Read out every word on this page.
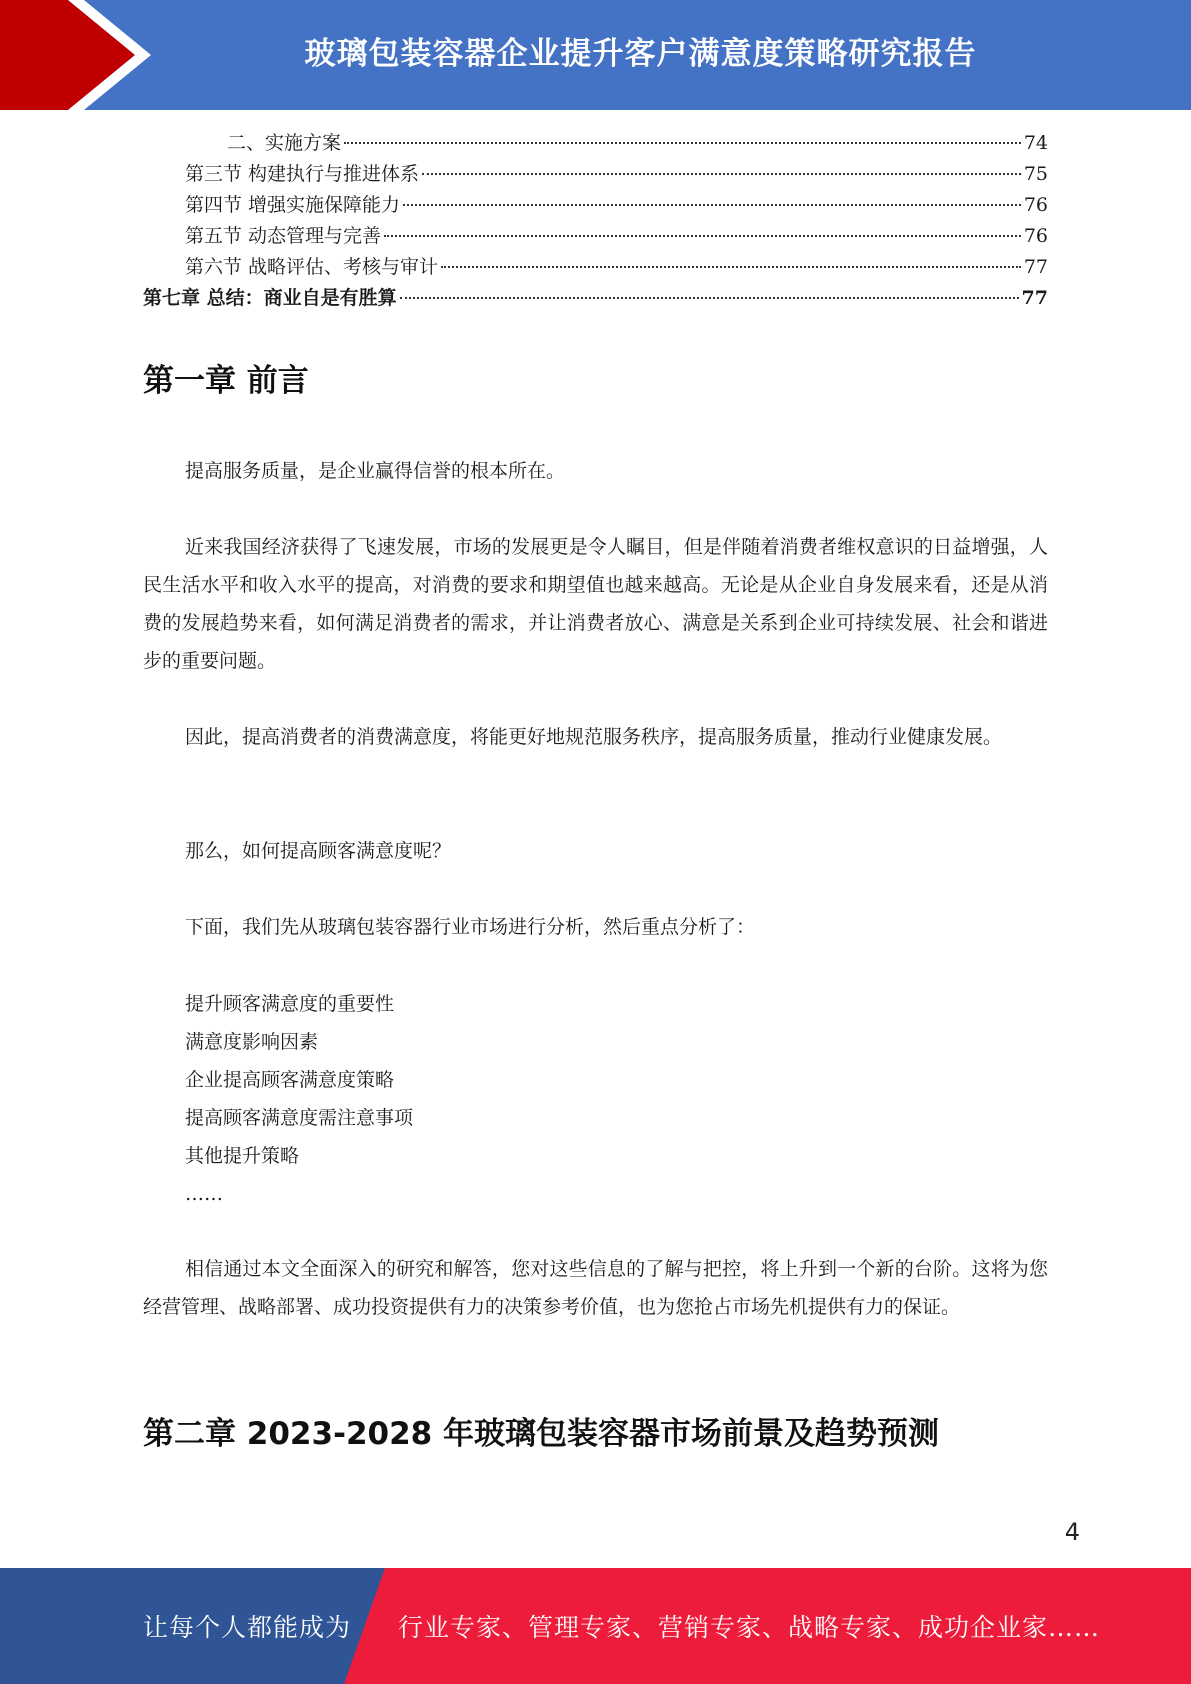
玻璃包装容器企业提升客户满意度策略研究报告
二、实施方案	74
第三节 构建执行与推进体系	75
第四节 增强实施保障能力	76
第五节 动态管理与完善	76
第六节 战略评估、考核与审计	77
第七章 总结：商业自是有胜算	77
第一章 前言

提高服务质量，是企业赢得信誉的根本所在。

近来我国经济获得了飞速发展，市场的发展更是令人瞩目，但是伴随着消费者维权意识的日益增强，人民生活水平和收入水平的提高，对消费的要求和期望值也越来越高。无论是从企业自身发展来看，还是从消费的发展趋势来看，如何满足消费者的需求，并让消费者放心、满意是关系到企业可持续发展、社会和谐进步的重要问题。

因此，提高消费者的消费满意度，将能更好地规范服务秩序，提高服务质量，推动行业健康发展。

那么，如何提高顾客满意度呢？

下面，我们先从玻璃包装容器行业市场进行分析，然后重点分析了：

提升顾客满意度的重要性
满意度影响因素
企业提高顾客满意度策略
提高顾客满意度需注意事项
其他提升策略
……

相信通过本文全面深入的研究和解答，您对这些信息的了解与把控，将上升到一个新的台阶。这将为您经营管理、战略部署、成功投资提供有力的决策参考价值，也为您抢占市场先机提供有力的保证。

第二章 2023-2028 年玻璃包装容器市场前景及趋势预测
4
让每个人都能成为 行业专家、管理专家、营销专家、战略专家、成功企业家……
